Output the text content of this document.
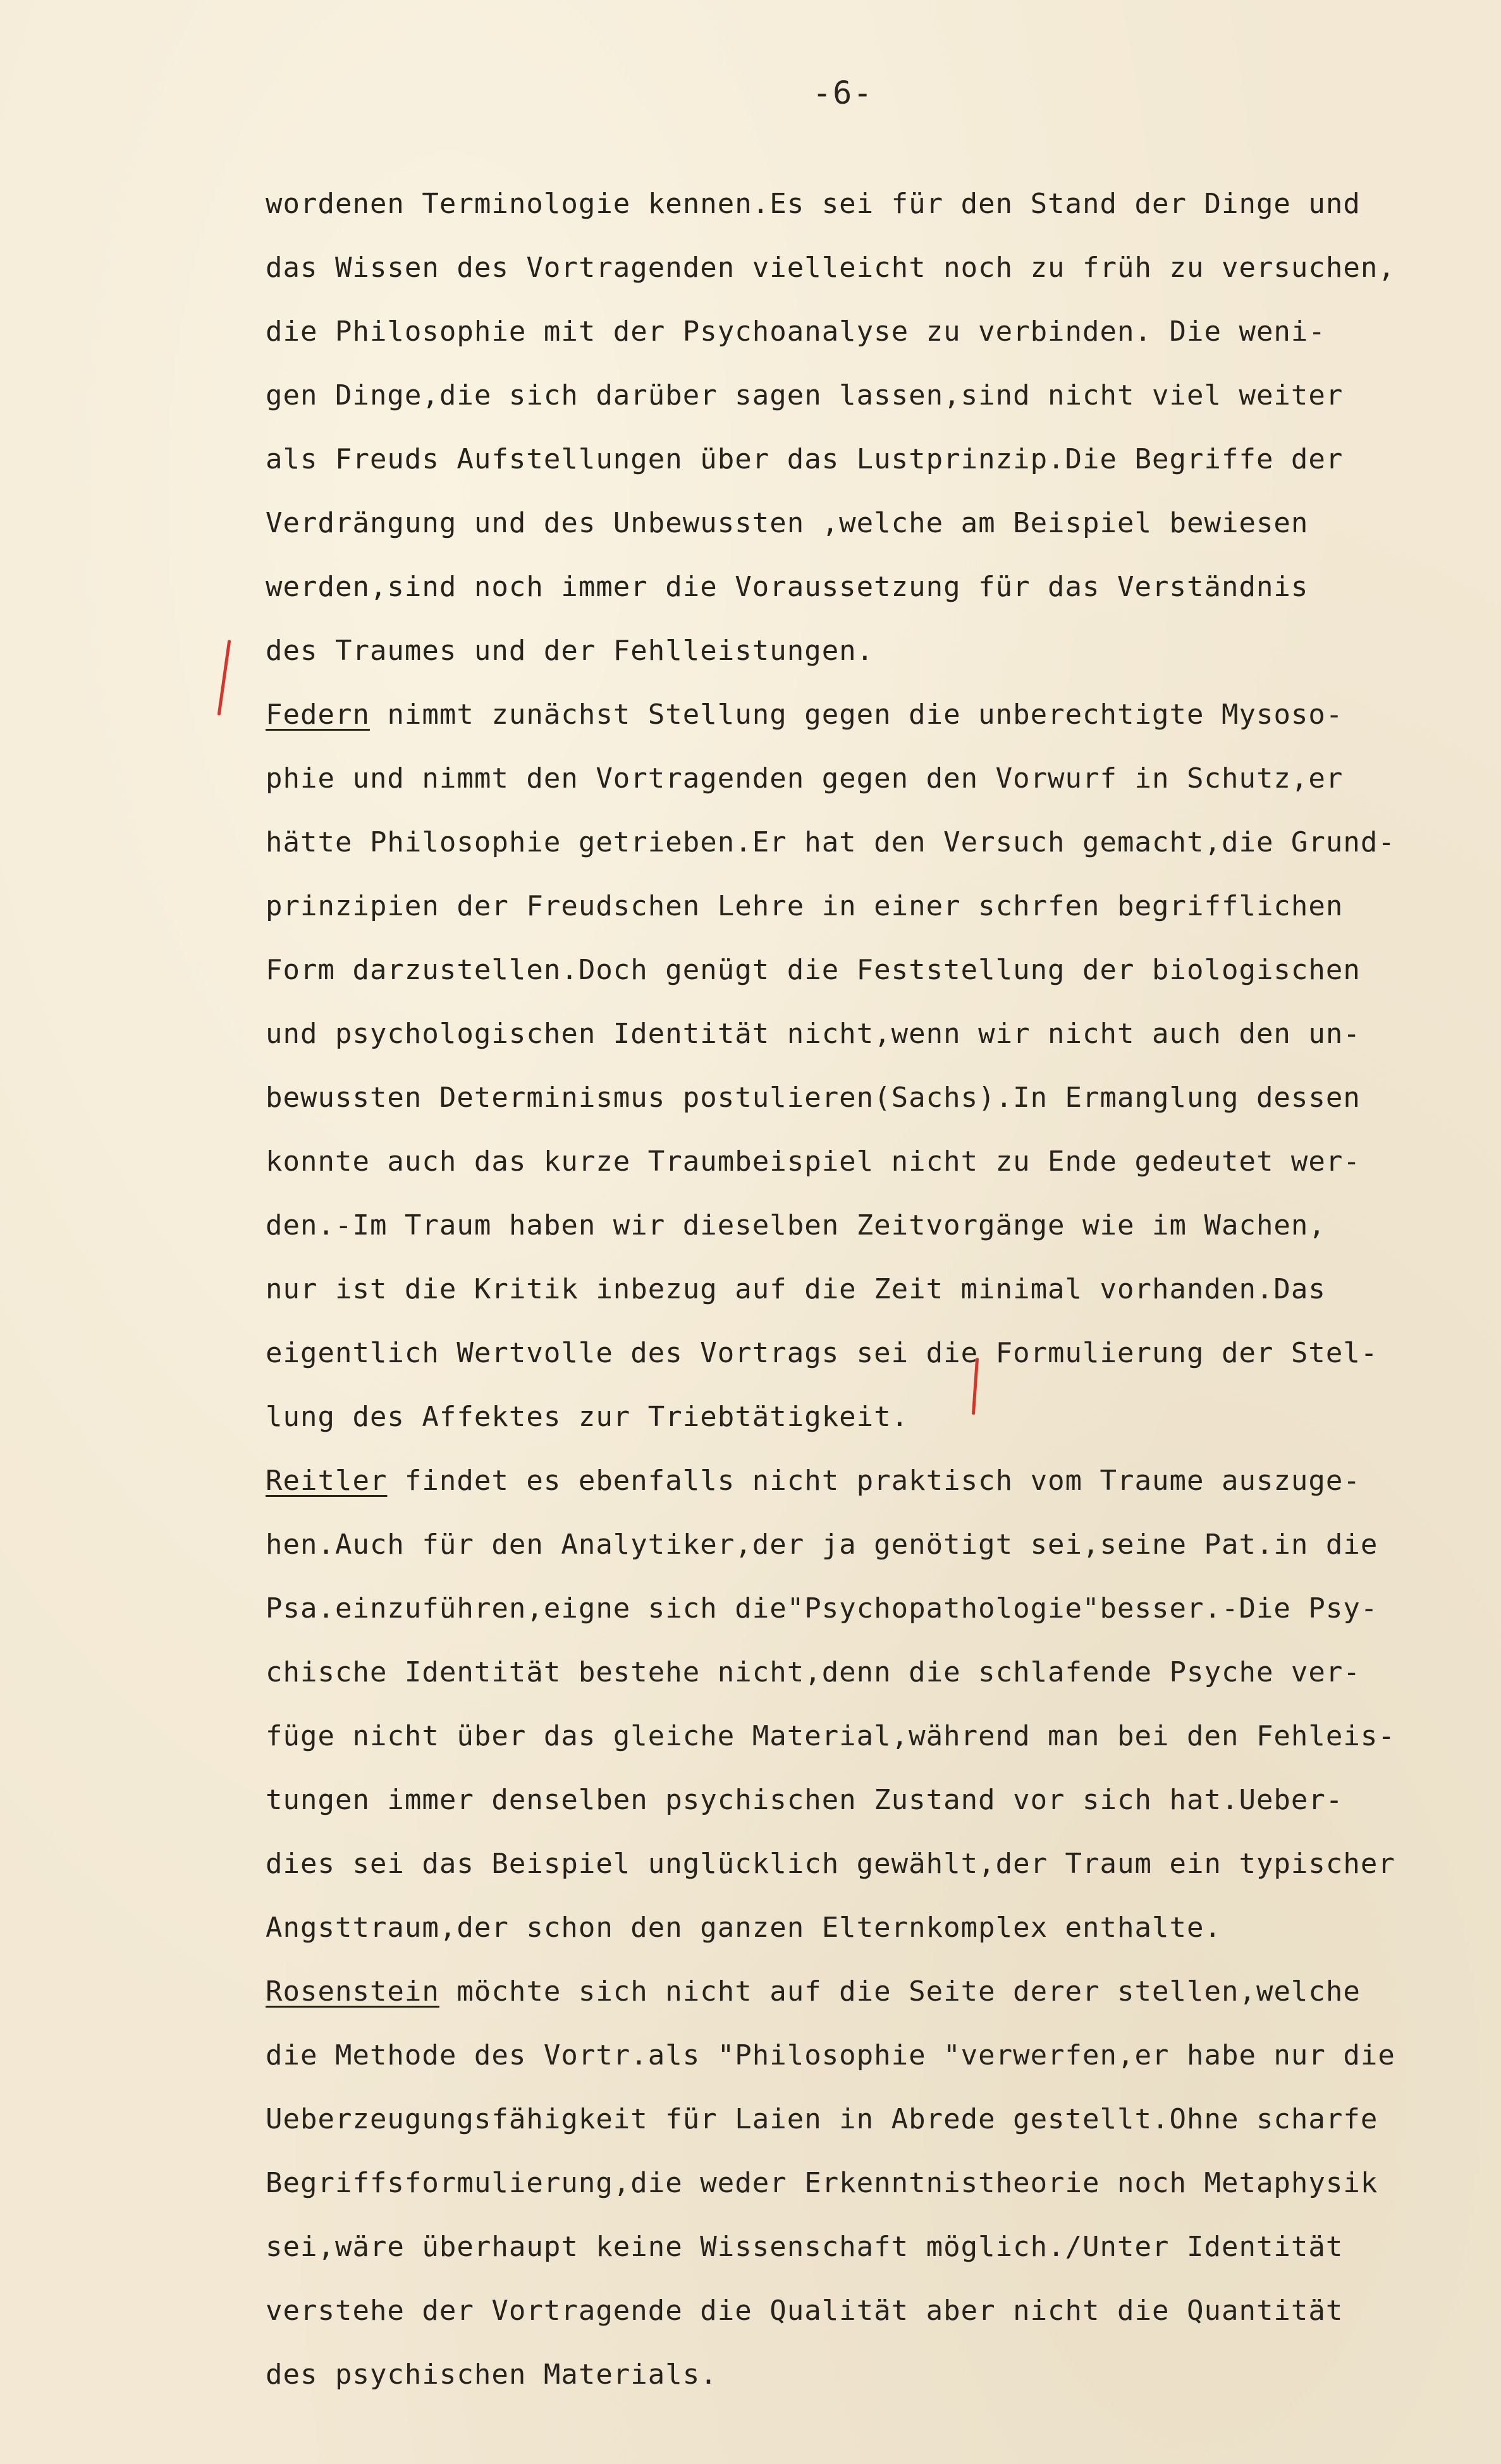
-6-
wordenen Terminologie kennen.Es sei für den Stand der Dinge und
das Wissen des Vortragenden vielleicht noch zu früh zu versuchen,
die Philosophie mit der Psychoanalyse zu verbinden. Die weni-
gen Dinge,die sich darüber sagen lassen,sind nicht viel weiter
als Freuds Aufstellungen über das Lustprinzip.Die Begriffe der
Verdrängung und des Unbewussten ,welche am Beispiel bewiesen
werden,sind noch immer die Voraussetzung für das Verständnis
des Traumes und der Fehlleistungen.
Federn nimmt zunächst Stellung gegen die unberechtigte Mysoso-
phie und nimmt den Vortragenden gegen den Vorwurf in Schutz,er
hätte Philosophie getrieben.Er hat den Versuch gemacht,die Grund-
prinzipien der Freudschen Lehre in einer schrfen begrifflichen
Form darzustellen.Doch genügt die Feststellung der biologischen
und psychologischen Identität nicht,wenn wir nicht auch den un-
bewussten Determinismus postulieren(Sachs).In Ermanglung dessen
konnte auch das kurze Traumbeispiel nicht zu Ende gedeutet wer-
den.-Im Traum haben wir dieselben Zeitvorgänge wie im Wachen,
nur ist die Kritik inbezug auf die Zeit minimal vorhanden.Das
eigentlich Wertvolle des Vortrags sei die Formulierung der Stel-
lung des Affektes zur Triebtätigkeit.
Reitler findet es ebenfalls nicht praktisch vom Traume auszuge-
hen.Auch für den Analytiker,der ja genötigt sei,seine Pat.in die
Psa.einzuführen,eigne sich die"Psychopathologie"besser.-Die Psy-
chische Identität bestehe nicht,denn die schlafende Psyche ver-
füge nicht über das gleiche Material,während man bei den Fehleis-
tungen immer denselben psychischen Zustand vor sich hat.Ueber-
dies sei das Beispiel unglücklich gewählt,der Traum ein typischer
Angsttraum,der schon den ganzen Elternkomplex enthalte.
Rosenstein möchte sich nicht auf die Seite derer stellen,welche
die Methode des Vortr.als "Philosophie "verwerfen,er habe nur die
Ueberzeugungsfähigkeit für Laien in Abrede gestellt.Ohne scharfe
Begriffsformulierung,die weder Erkenntnistheorie noch Metaphysik
sei,wäre überhaupt keine Wissenschaft möglich./Unter Identität
verstehe der Vortragende die Qualität aber nicht die Quantität
des psychischen Materials.
